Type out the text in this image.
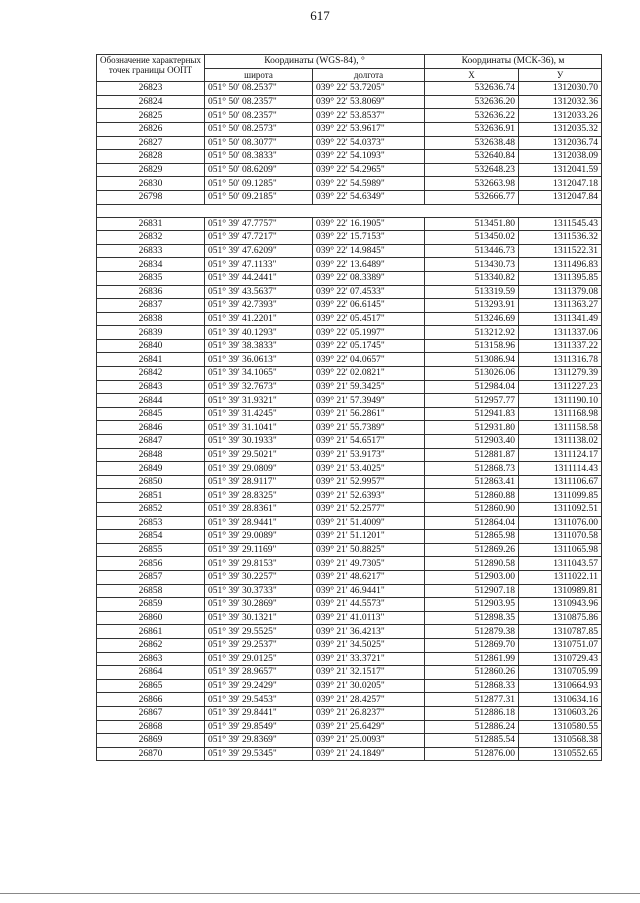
617
Обозначение характерных точек границы ООПТ	Координаты (WGS-84), °		Координаты (МСК-36), м	
	широта	долгота	X	У
26823	051° 50' 08.2537"	039° 22' 53.7205"	532636.74	1312030.70
26824	051° 50' 08.2357"	039° 22' 53.8069"	532636.20	1312032.36
26825	051° 50' 08.2357"	039° 22' 53.8537"	532636.22	1312033.26
26826	051° 50' 08.2573"	039° 22' 53.9617"	532636.91	1312035.32
26827	051° 50' 08.3077"	039° 22' 54.0373"	532638.48	1312036.74
26828	051° 50' 08.3833"	039° 22' 54.1093"	532640.84	1312038.09
26829	051° 50' 08.6209"	039° 22' 54.2965"	532648.23	1312041.59
26830	051° 50' 09.1285"	039° 22' 54.5989"	532663.98	1312047.18
26798	051° 50' 09.2185"	039° 22' 54.6349"	532666.77	1312047.84

26831	051° 39' 47.7757"	039° 22' 16.1905"	513451.80	1311545.43
26832	051° 39' 47.7217"	039° 22' 15.7153"	513450.02	1311536.32
26833	051° 39' 47.6209"	039° 22' 14.9845"	513446.73	1311522.31
26834	051° 39' 47.1133"	039° 22' 13.6489"	513430.73	1311496.83
26835	051° 39' 44.2441"	039° 22' 08.3389"	513340.82	1311395.85
26836	051° 39' 43.5637"	039° 22' 07.4533"	513319.59	1311379.08
26837	051° 39' 42.7393"	039° 22' 06.6145"	513293.91	1311363.27
26838	051° 39' 41.2201"	039° 22' 05.4517"	513246.69	1311341.49
26839	051° 39' 40.1293"	039° 22' 05.1997"	513212.92	1311337.06
26840	051° 39' 38.3833"	039° 22' 05.1745"	513158.96	1311337.22
26841	051° 39' 36.0613"	039° 22' 04.0657"	513086.94	1311316.78
26842	051° 39' 34.1065"	039° 22' 02.0821"	513026.06	1311279.39
26843	051° 39' 32.7673"	039° 21' 59.3425"	512984.04	1311227.23
26844	051° 39' 31.9321"	039° 21' 57.3949"	512957.77	1311190.10
26845	051° 39' 31.4245"	039° 21' 56.2861"	512941.83	1311168.98
26846	051° 39' 31.1041"	039° 21' 55.7389"	512931.80	1311158.58
26847	051° 39' 30.1933"	039° 21' 54.6517"	512903.40	1311138.02
26848	051° 39' 29.5021"	039° 21' 53.9173"	512881.87	1311124.17
26849	051° 39' 29.0809"	039° 21' 53.4025"	512868.73	1311114.43
26850	051° 39' 28.9117"	039° 21' 52.9957"	512863.41	1311106.67
26851	051° 39' 28.8325"	039° 21' 52.6393"	512860.88	1311099.85
26852	051° 39' 28.8361"	039° 21' 52.2577"	512860.90	1311092.51
26853	051° 39' 28.9441"	039° 21' 51.4009"	512864.04	1311076.00
26854	051° 39' 29.0089"	039° 21' 51.1201"	512865.98	1311070.58
26855	051° 39' 29.1169"	039° 21' 50.8825"	512869.26	1311065.98
26856	051° 39' 29.8153"	039° 21' 49.7305"	512890.58	1311043.57
26857	051° 39' 30.2257"	039° 21' 48.6217"	512903.00	1311022.11
26858	051° 39' 30.3733"	039° 21' 46.9441"	512907.18	1310989.81
26859	051° 39' 30.2869"	039° 21' 44.5573"	512903.95	1310943.96
26860	051° 39' 30.1321"	039° 21' 41.0113"	512898.35	1310875.86
26861	051° 39' 29.5525"	039° 21' 36.4213"	512879.38	1310787.85
26862	051° 39' 29.2537"	039° 21' 34.5025"	512869.70	1310751.07
26863	051° 39' 29.0125"	039° 21' 33.3721"	512861.99	1310729.43
26864	051° 39' 28.9657"	039° 21' 32.1517"	512860.26	1310705.99
26865	051° 39' 29.2429"	039° 21' 30.0205"	512868.33	1310664.93
26866	051° 39' 29.5453"	039° 21' 28.4257"	512877.31	1310634.16
26867	051° 39' 29.8441"	039° 21' 26.8237"	512886.18	1310603.26
26868	051° 39' 29.8549"	039° 21' 25.6429"	512886.24	1310580.55
26869	051° 39' 29.8369"	039° 21' 25.0093"	512885.54	1310568.38
26870	051° 39' 29.5345"	039° 21' 24.1849"	512876.00	1310552.65
